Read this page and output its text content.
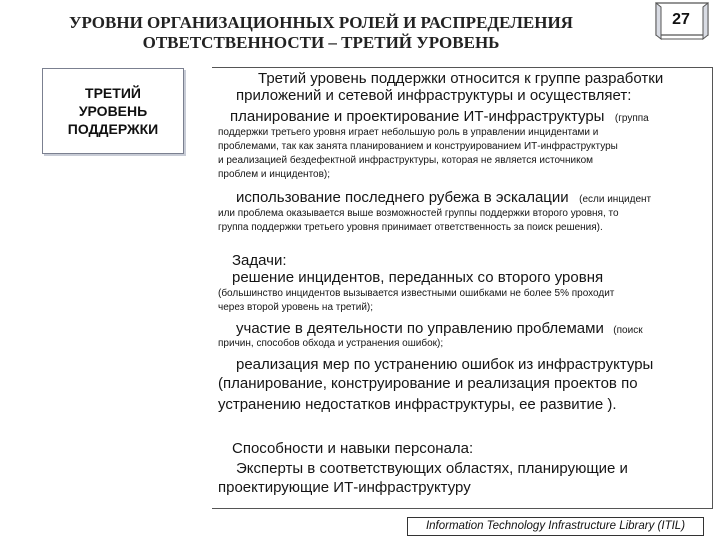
УРОВНИ ОРГАНИЗАЦИОННЫХ РОЛЕЙ И РАСПРЕДЕЛЕНИЯ
ОТВЕТСТВЕННОСТИ – ТРЕТИЙ УРОВЕНЬ
27
ТРЕТИЙ
УРОВЕНЬ
ПОДДЕРЖКИ
Третий уровень поддержки относится к группе разработки
приложений и сетевой инфраструктуры и осуществляет:
планирование и проектирование ИТ-инфраструктуры (группа
поддержки третьего уровня играет небольшую роль в управлении инцидентами и
проблемами, так как занята планированием и конструированием ИТ-инфраструктуры
и реализацией бездефектной инфраструктуры, которая не является источником
проблем и инцидентов);
использование последнего рубежа в эскалации (если инцидент
или проблема оказывается выше возможностей группы поддержки второго уровня, то
группа поддержки третьего уровня принимает ответственность за поиск решения).
Задачи:
решение инцидентов, переданных со второго уровня
(большинство инцидентов вызывается известными ошибками не более 5% проходит
через второй уровень на третий);
участие в деятельности по управлению проблемами (поиск
причин, способов обхода и устранения ошибок);
реализация мер по устранению ошибок из инфраструктуры
(планирование, конструирование и реализация проектов по
устранению недостатков инфраструктуры, ее развитие ).
Способности и навыки персонала:
Эксперты в соответствующих областях, планирующие и
проектирующие ИТ-инфраструктуру
Information Technology Infrastructure Library (ITIL)
